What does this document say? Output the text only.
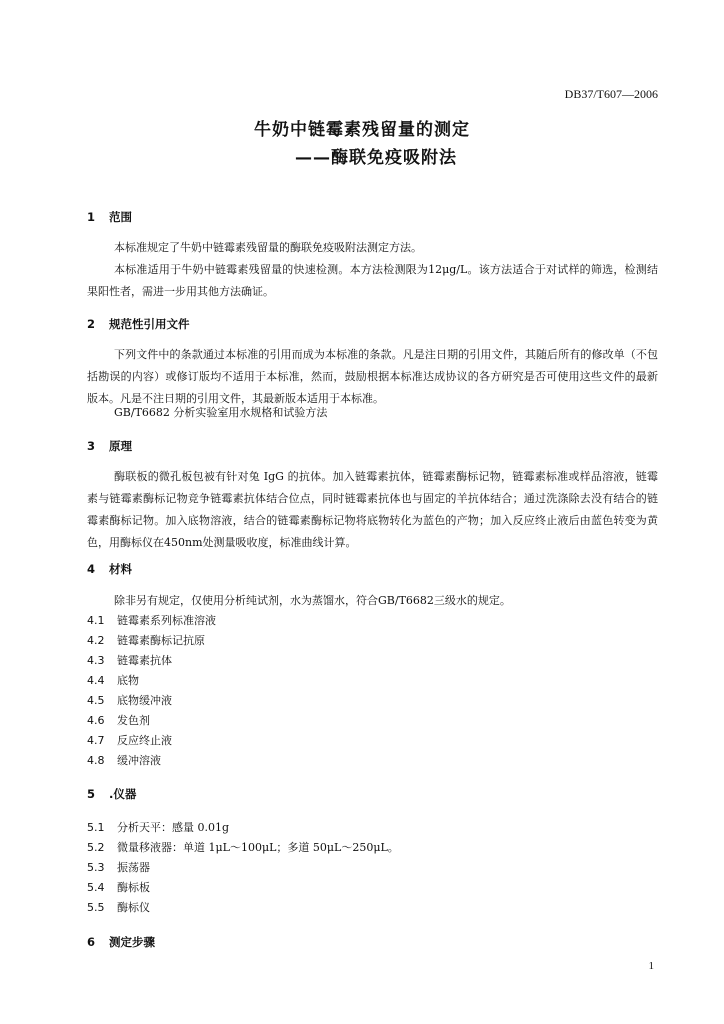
DB37/T607—2006
牛奶中链霉素残留量的测定
——酶联免疫吸附法
1 范围

本标准规定了牛奶中链霉素残留量的酶联免疫吸附法测定方法。

本标准适用于牛奶中链霉素残留量的快速检测。本方法检测限为12μg/L。该方法适合于对试样的筛选，检测结果阳性者，需进一步用其他方法确证。

2 规范性引用文件

下列文件中的条款通过本标准的引用而成为本标准的条款。凡是注日期的引用文件，其随后所有的修改单（不包括勘误的内容）或修订版均不适用于本标准，然而，鼓励根据本标准达成协议的各方研究是否可使用这些文件的最新版本。凡是不注日期的引用文件，其最新版本适用于本标准。

GB/T6682 分析实验室用水规格和试验方法
3 原理

酶联板的微孔板包被有针对兔 IgG 的抗体。加入链霉素抗体，链霉素酶标记物，链霉素标准或样品溶液，链霉素与链霉素酶标记物竞争链霉素抗体结合位点，同时链霉素抗体也与固定的羊抗体结合；通过洗涤除去没有结合的链霉素酶标记物。加入底物溶液，结合的链霉素酶标记物将底物转化为蓝色的产物；加入反应终止液后由蓝色转变为黄色，用酶标仪在450nm处测量吸收度，标准曲线计算。

4 材料

除非另有规定，仅使用分析纯试剂，水为蒸馏水，符合GB/T6682三级水的规定。

4.1 链霉素系列标准溶液
4.2 链霉素酶标记抗原
4.3 链霉素抗体
4.4 底物
4.5 底物缓冲液
4.6 发色剂
4.7 反应终止液
4.8 缓冲溶液
5 .仪器
5.1 分析天平：感量 0.01g
5.2 微量移液器：单道 1μL～100μL；多道 50μL～250μL。
5.3 振荡器
5.4 酶标板
5.5 酶标仪
6 测定步骤
1
